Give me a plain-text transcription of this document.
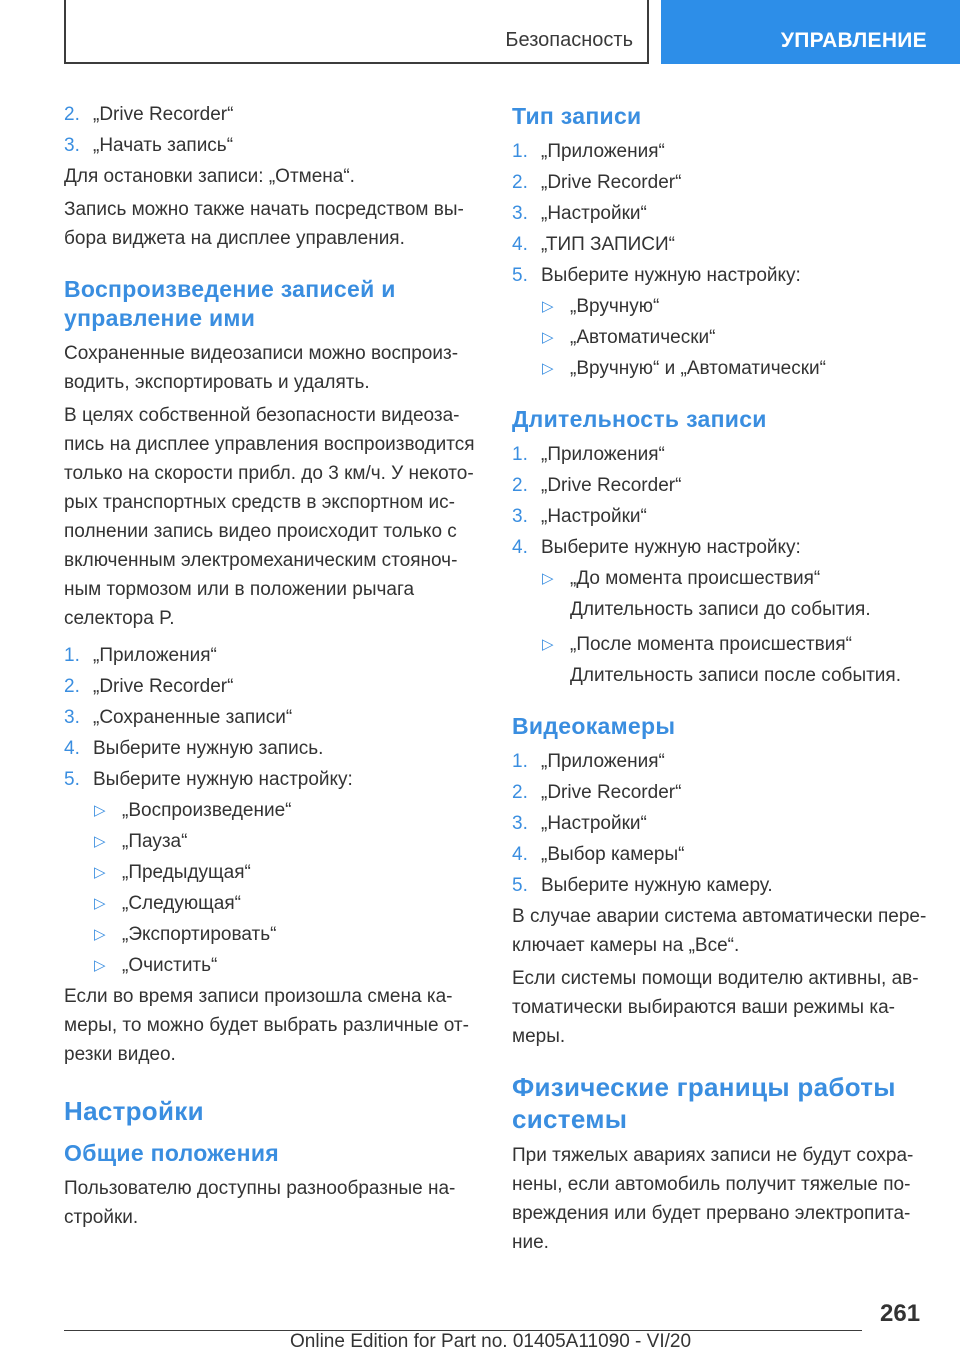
Безопасность	УПРАВЛЕНИЕ
2. „Drive Recorder“
3. „Начать запись“

Для остановки записи: „Отмена“.

Запись можно также начать посредством вы-бора виджета на дисплее управления.

Воспроизведение записей и управление ими

Сохраненные видеозаписи можно воспроиз-водить, экспортировать и удалять.

В целях собственной безопасности видеоза-пись на дисплее управления воспроизводится только на скорости прибл. до 3 км/ч. У некото-рых транспортных средств в экспортном ис-полнении запись видео происходит только с включенным электромеханическим стояноч-ным тормозом или в положении рычага селектора P.

1. „Приложения“
2. „Drive Recorder“
3. „Сохраненные записи“
4. Выберите нужную запись.
5. Выберите нужную настройку:
▷ „Воспроизведение“
▷ „Пауза“
▷ „Предыдущая“
▷ „Следующая“
▷ „Экспортировать“
▷ „Очистить“

Если во время записи произошла смена ка-меры, то можно будет выбрать различные от-резки видео.

Настройки
Общие положения

Пользователю доступны разнообразные на-стройки.

Тип записи
1. „Приложения“
2. „Drive Recorder“
3. „Настройки“
4. „ТИП ЗАПИСИ“
5. Выберите нужную настройку:
▷ „Вручную“
▷ „Автоматически“
▷ „Вручную“ и „Автоматически“
Длительность записи
1. „Приложения“
2. „Drive Recorder“
3. „Настройки“
4. Выберите нужную настройку:
▷ „До момента происшествия“
Длительность записи до события.
▷ „После момента происшествия“
Длительность записи после события.
Видеокамеры
1. „Приложения“
2. „Drive Recorder“
3. „Настройки“
4. „Выбор камеры“
5. Выберите нужную камеру.

В случае аварии система автоматически пере-ключает камеры на „Все“.

Если системы помощи водителю активны, ав-томатически выбираются ваши режимы ка-меры.

Физические границы работы системы

При тяжелых авариях записи не будут сохра-нены, если автомобиль получит тяжелые по-вреждения или будет прервано электропита-ние.

261
Online Edition for Part no. 01405A11090 - VI/20
